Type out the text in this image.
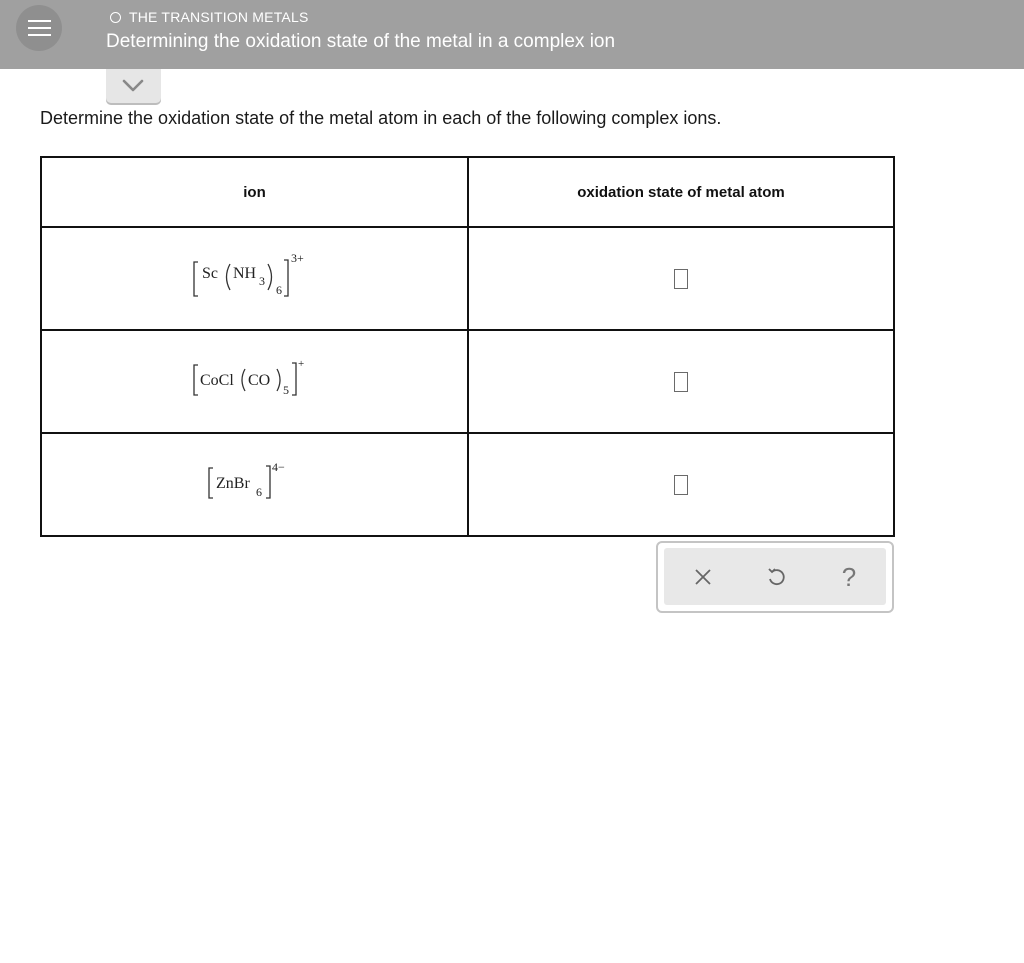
THE TRANSITION METALS
Determining the oxidation state of the metal in a complex ion
Determine the oxidation state of the metal atom in each of the following complex ions.
ion	oxidation state of metal atom

Sc NH 3
6
3+	

CoCl CO
5
+	

ZnBr 6
4−	

?
